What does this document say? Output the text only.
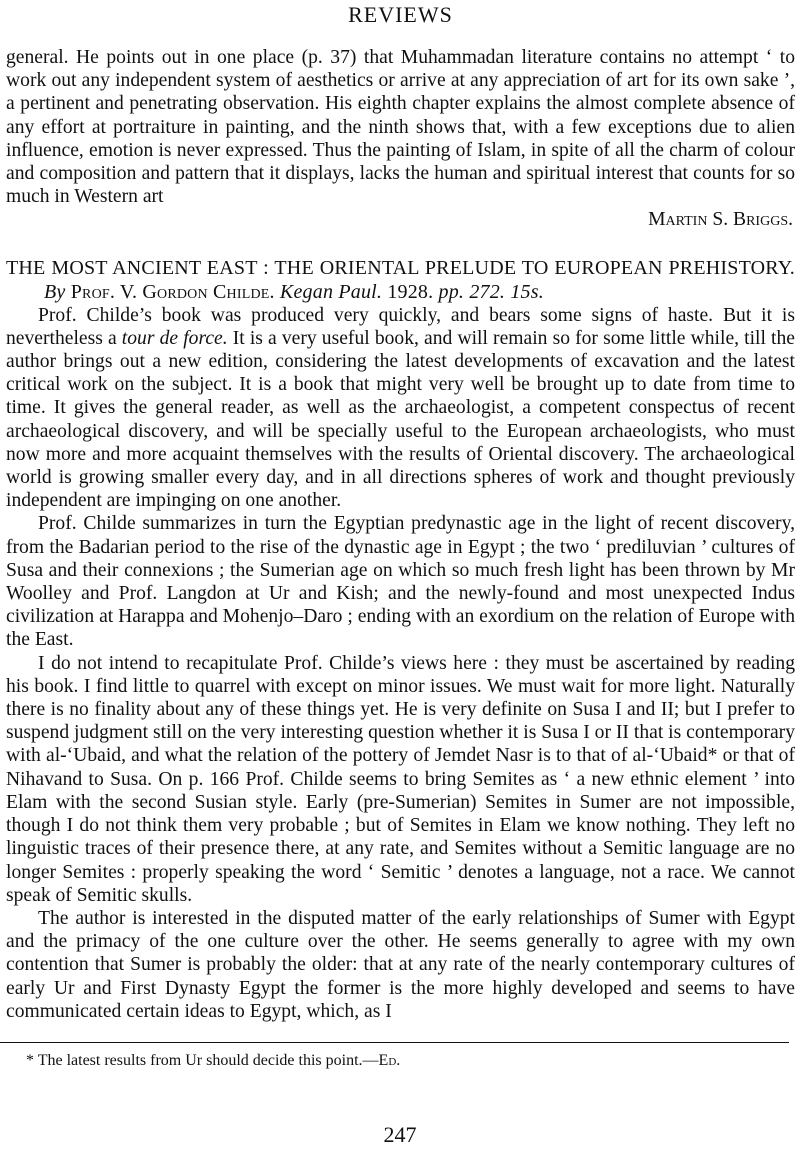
REVIEWS

general. He points out in one place (p. 37) that Muhammadan literature contains no attempt ‘ to work out any independent system of aesthetics or arrive at any appreciation of art for its own sake ’, a pertinent and penetrating observation. His eighth chapter explains the almost complete absence of any effort at portraiture in painting, and the ninth shows that, with a few exceptions due to alien influence, emotion is never expressed. Thus the painting of Islam, in spite of all the charm of colour and composition and pattern that it displays, lacks the human and spiritual interest that counts for so much in Western art

Martin S. Briggs.

THE MOST ANCIENT EAST : THE ORIENTAL PRELUDE TO EUROPEAN PREHISTORY. By Prof. V. Gordon Childe. Kegan Paul. 1928. pp. 272. 15s.

Prof. Childe’s book was produced very quickly, and bears some signs of haste. But it is nevertheless a tour de force. It is a very useful book, and will remain so for some little while, till the author brings out a new edition, considering the latest developments of excavation and the latest critical work on the subject. It is a book that might very well be brought up to date from time to time. It gives the general reader, as well as the archaeologist, a competent conspectus of recent archaeological discovery, and will be specially useful to the European archaeologists, who must now more and more acquaint themselves with the results of Oriental discovery. The archaeological world is growing smaller every day, and in all directions spheres of work and thought previously independent are impinging on one another.

Prof. Childe summarizes in turn the Egyptian predynastic age in the light of recent discovery, from the Badarian period to the rise of the dynastic age in Egypt ; the two ‘ prediluvian ’ cultures of Susa and their connexions ; the Sumerian age on which so much fresh light has been thrown by Mr Woolley and Prof. Langdon at Ur and Kish; and the newly-found and most unexpected Indus civilization at Harappa and Mohenjo–Daro ; ending with an exordium on the relation of Europe with the East.

I do not intend to recapitulate Prof. Childe’s views here : they must be ascertained by reading his book. I find little to quarrel with except on minor issues. We must wait for more light. Naturally there is no finality about any of these things yet. He is very definite on Susa I and II; but I prefer to suspend judgment still on the very interesting question whether it is Susa I or II that is contemporary with al-‘Ubaid, and what the relation of the pottery of Jemdet Nasr is to that of al-‘Ubaid* or that of Nihavand to Susa. On p. 166 Prof. Childe seems to bring Semites as ‘ a new ethnic element ’ into Elam with the second Susian style. Early (pre-Sumerian) Semites in Sumer are not impossible, though I do not think them very probable ; but of Semites in Elam we know nothing. They left no linguistic traces of their presence there, at any rate, and Semites without a Semitic language are no longer Semites : properly speaking the word ‘ Semitic ’ denotes a language, not a race. We cannot speak of Semitic skulls.

The author is interested in the disputed matter of the early relationships of Sumer with Egypt and the primacy of the one culture over the other. He seems generally to agree with my own contention that Sumer is probably the older: that at any rate of the nearly contemporary cultures of early Ur and First Dynasty Egypt the former is the more highly developed and seems to have communicated certain ideas to Egypt, which, as I

* The latest results from Ur should decide this point.—Ed.
247
